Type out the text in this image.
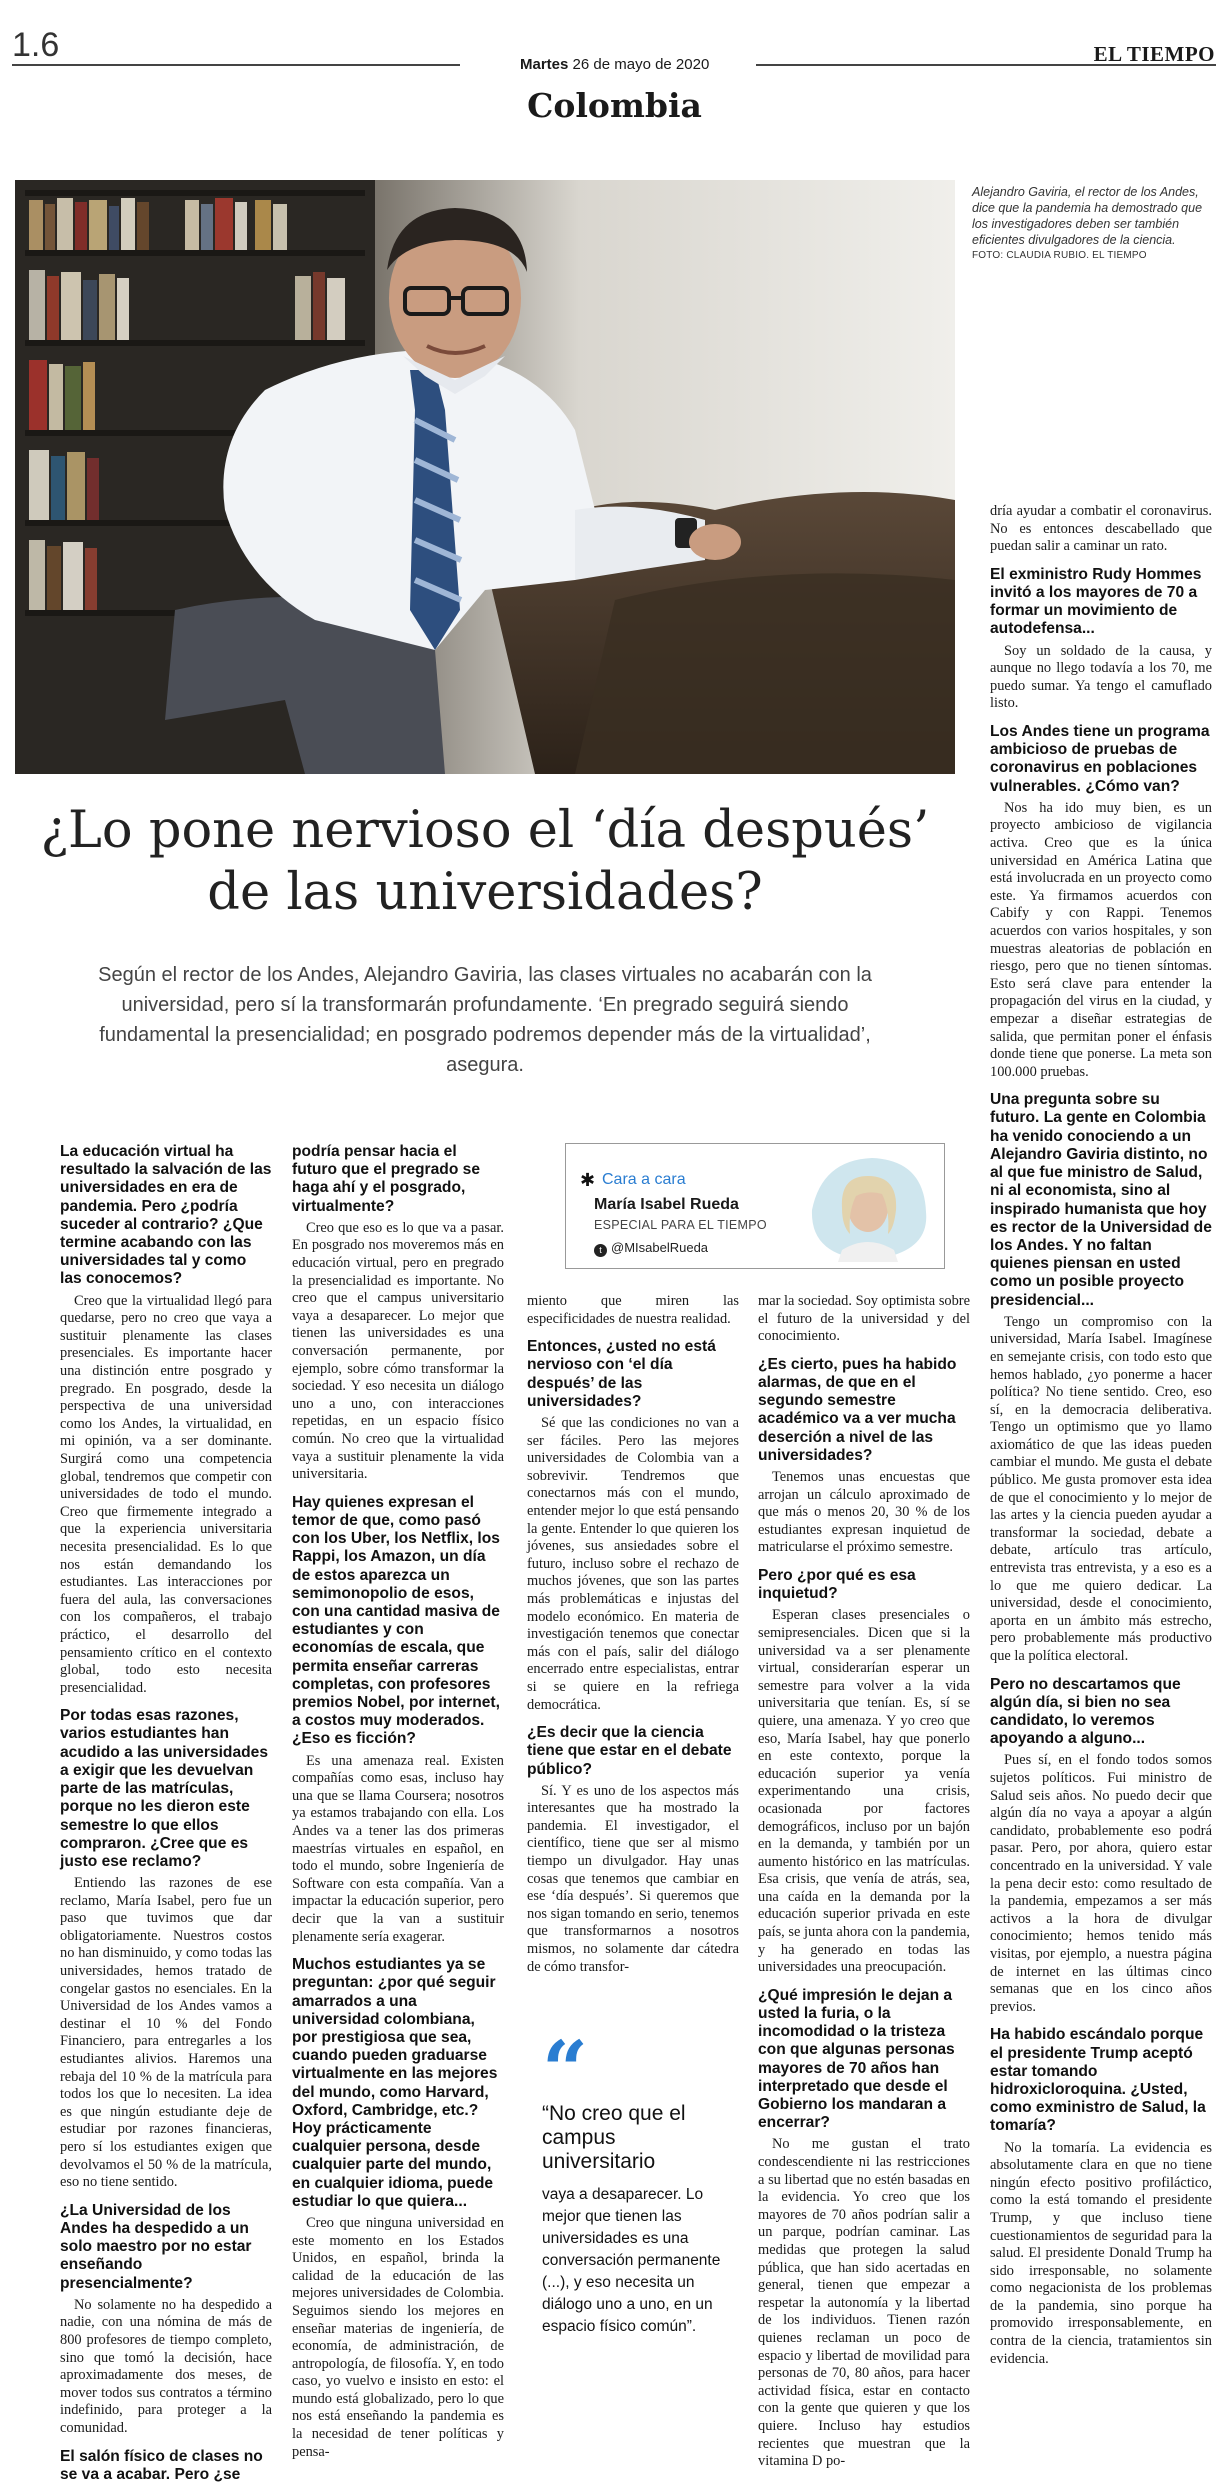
1.6
Martes 26 de mayo de 2020	EL TIEMPO
Colombia
Alejandro Gaviria, el rector de los Andes, dice que la pandemia ha demostrado que los investigadores deben ser también eficientes divulgadores de la ciencia.
FOTO: CLAUDIA RUBIO. EL TIEMPO
¿Lo pone nervioso el ‘día después’ de las universidades?
Según el rector de los Andes, Alejandro Gaviria, las clases virtuales no acabarán con la universidad, pero sí la transformarán profundamente. ‘En pregrado seguirá siendo fundamental la presencialidad; en posgrado podremos depender más de la virtualidad’, asegura.

La educación virtual ha resultado la salvación de las universidades en era de pandemia. Pero ¿podría suceder al contrario? ¿Que termine acabando con las universidades tal y como las conocemos?

Creo que la virtualidad llegó para quedarse, pero no creo que vaya a sustituir plenamente las clases presenciales. Es importante hacer una distinción entre posgrado y pregrado. En posgrado, desde la perspectiva de una universidad como los Andes, la virtualidad, en mi opinión, va a ser dominante. Surgirá como una competencia global, tendremos que competir con universidades de todo el mundo. Creo que firmemente integrado a que la experiencia universitaria necesita presencialidad. Es lo que nos están demandando los estudiantes. Las interacciones por fuera del aula, las conversaciones con los compañeros, el trabajo práctico, el desarrollo del pensamiento crítico en el contexto global, todo esto necesita presencialidad.

Por todas esas razones, varios estudiantes han acudido a las universidades a exigir que les devuelvan parte de las matrículas, porque no les dieron este semestre lo que ellos compraron. ¿Cree que es justo ese reclamo?

Entiendo las razones de ese reclamo, María Isabel, pero fue un paso que tuvimos que dar obligatoriamente. Nuestros costos no han disminuido, y como todas las universidades, hemos tratado de congelar gastos no esenciales. En la Universidad de los Andes vamos a destinar el 10 % del Fondo Financiero, para entregarles a los estudiantes alivios. Haremos una rebaja del 10 % de la matrícula para todos los que lo necesiten. La idea es que ningún estudiante deje de estudiar por razones financieras, pero sí los estudiantes exigen que devolvamos el 50 % de la matrícula, eso no tiene sentido.

¿La Universidad de los Andes ha despedido a un solo maestro por no estar enseñando presencialmente?

No solamente no ha despedido a nadie, con una nómina de más de 800 profesores de tiempo completo, sino que tomó la decisión, hace aproximadamente dos meses, de mover todos sus contratos a término indefinido, para proteger a la comunidad.

El salón físico de clases no se va a acabar. Pero ¿se

podría pensar hacia el futuro que el pregrado se haga ahí y el posgrado, virtualmente?

Creo que eso es lo que va a pasar. En posgrado nos moveremos más en educación virtual, pero en pregrado la presencialidad es importante. No creo que el campus universitario vaya a desaparecer. Lo mejor que tienen las universidades es una conversación permanente, por ejemplo, sobre cómo transformar la sociedad. Y eso necesita un diálogo uno a uno, con interacciones repetidas, en un espacio físico común. No creo que la virtualidad vaya a sustituir plenamente la vida universitaria.

Hay quienes expresan el temor de que, como pasó con los Uber, los Netflix, los Rappi, los Amazon, un día de estos aparezca un semimonopolio de esos, con una cantidad masiva de estudiantes y con economías de escala, que permita enseñar carreras completas, con profesores premios Nobel, por internet, a costos muy moderados. ¿Eso es ficción?

Es una amenaza real. Existen compañías como esas, incluso hay una que se llama Coursera; nosotros ya estamos trabajando con ella. Los Andes va a tener las dos primeras maestrías virtuales en español, en todo el mundo, sobre Ingeniería de Software con esta compañía. Van a impactar la educación superior, pero decir que la van a sustituir plenamente sería exagerar.

Muchos estudiantes ya se preguntan: ¿por qué seguir amarrados a una universidad colombiana, por prestigiosa que sea, cuando pueden graduarse virtualmente en las mejores del mundo, como Harvard, Oxford, Cambridge, etc.? Hoy prácticamente cualquier persona, desde cualquier parte del mundo, en cualquier idioma, puede estudiar lo que quiera...

Creo que ninguna universidad en este momento en los Estados Unidos, en español, brinda la calidad de la educación de las mejores universidades de Colombia. Seguimos siendo los mejores en enseñar materias de ingeniería, de economía, de administración, de antropología, de filosofía. Y, en todo caso, yo vuelvo e insisto en esto: el mundo está globalizado, pero lo que nos está enseñando la pandemia es la necesidad de tener políticas y pensa-

✱ Cara a cara
María Isabel Rueda
ESPECIAL PARA EL TIEMPO
t @MIsabelRueda

miento que miren las especificidades de nuestra realidad.

Entonces, ¿usted no está nervioso con ‘el día después’ de las universidades?

Sé que las condiciones no van a ser fáciles. Pero las mejores universidades de Colombia van a sobrevivir. Tendremos que conectarnos más con el mundo, entender mejor lo que está pensando la gente. Entender lo que quieren los jóvenes, sus ansiedades sobre el futuro, incluso sobre el rechazo de muchos jóvenes, que son las partes más problemáticas e injustas del modelo económico. En materia de investigación tenemos que conectar más con el país, salir del diálogo encerrado entre especialistas, entrar si se quiere en la refriega democrática.

¿Es decir que la ciencia tiene que estar en el debate público?

Sí. Y es uno de los aspectos más interesantes que ha mostrado la pandemia. El investigador, el científico, tiene que ser al mismo tiempo un divulgador. Hay unas cosas que tenemos que cambiar en ese ‘día después’. Si queremos que nos sigan tomando en serio, tenemos que transformarnos a nosotros mismos, no solamente dar cátedra de cómo transfor-

“
“No creo que el campus universitario
vaya a desaparecer. Lo mejor que tienen las universidades es una conversación permanente (...), y eso necesita un diálogo uno a uno, en un espacio físico común”.

mar la sociedad. Soy optimista sobre el futuro de la universidad y del conocimiento.

¿Es cierto, pues ha habido alarmas, de que en el segundo semestre académico va a ver mucha deserción a nivel de las universidades?

Tenemos unas encuestas que arrojan un cálculo aproximado de que más o menos 20, 30 % de los estudiantes expresan inquietud de matricularse el próximo semestre.

Pero ¿por qué es esa inquietud?

Esperan clases presenciales o semipresenciales. Dicen que si la universidad va a ser plenamente virtual, considerarían esperar un semestre para volver a la vida universitaria que tenían. Es, sí se quiere, una amenaza. Y yo creo que eso, María Isabel, hay que ponerlo en este contexto, porque la educación superior ya venía experimentando una crisis, ocasionada por factores demográficos, incluso por un bajón en la demanda, y también por un aumento histórico en las matrículas. Esa crisis, que venía de atrás, sea, una caída en la demanda por la educación superior privada en este país, se junta ahora con la pandemia, y ha generado en todas las universidades una preocupación.

¿Qué impresión le dejan a usted la furia, o la incomodidad o la tristeza con que algunas personas mayores de 70 años han interpretado que desde el Gobierno los mandaran a encerrar?

No me gustan el trato condescendiente ni las restricciones a su libertad que no estén basadas en la evidencia. Yo creo que los mayores de 70 años podrían salir a un parque, podrían caminar. Las medidas que protegen la salud pública, que han sido acertadas en general, tienen que empezar a respetar la autonomía y la libertad de los individuos. Tienen razón quienes reclaman un poco de espacio y libertad de movilidad para personas de 70, 80 años, para hacer actividad física, estar en contacto con la gente que quieren y que los quiere. Incluso hay estudios recientes que muestran que la vitamina D po-

dría ayudar a combatir el coronavirus. No es entonces descabellado que puedan salir a caminar un rato.

El exministro Rudy Hommes invitó a los mayores de 70 a formar un movimiento de autodefensa...

Soy un soldado de la causa, y aunque no llego todavía a los 70, me puedo sumar. Ya tengo el camuflado listo.

Los Andes tiene un programa ambicioso de pruebas de coronavirus en poblaciones vulnerables. ¿Cómo van?

Nos ha ido muy bien, es un proyecto ambicioso de vigilancia activa. Creo que es la única universidad en América Latina que está involucrada en un proyecto como este. Ya firmamos acuerdos con Cabify y con Rappi. Tenemos acuerdos con varios hospitales, y son muestras aleatorias de población en riesgo, pero que no tienen síntomas. Esto será clave para entender la propagación del virus en la ciudad, y empezar a diseñar estrategias de salida, que permitan poner el énfasis donde tiene que ponerse. La meta son 100.000 pruebas.

Una pregunta sobre su futuro. La gente en Colombia ha venido conociendo a un Alejandro Gaviria distinto, no al que fue ministro de Salud, ni al economista, sino al inspirado humanista que hoy es rector de la Universidad de los Andes. Y no faltan quienes piensan en usted como un posible proyecto presidencial...

Tengo un compromiso con la universidad, María Isabel. Imagínese en semejante crisis, con todo esto que hemos hablado, ¿yo ponerme a hacer política? No tiene sentido. Creo, eso sí, en la democracia deliberativa. Tengo un optimismo que yo llamo axiomático de que las ideas pueden cambiar el mundo. Me gusta el debate público. Me gusta promover esta idea de que el conocimiento y lo mejor de las artes y la ciencia pueden ayudar a transformar la sociedad, debate a debate, artículo tras artículo, entrevista tras entrevista, y a eso es a lo que me quiero dedicar. La universidad, desde el conocimiento, aporta en un ámbito más estrecho, pero probablemente más productivo que la política electoral.

Pero no descartamos que algún día, si bien no sea candidato, lo veremos apoyando a alguno...

Pues sí, en el fondo todos somos sujetos políticos. Fui ministro de Salud seis años. No puedo decir que algún día no vaya a apoyar a algún candidato, probablemente eso podrá pasar. Pero, por ahora, quiero estar concentrado en la universidad. Y vale la pena decir esto: como resultado de la pandemia, empezamos a ser más activos a la hora de divulgar conocimiento; hemos tenido más visitas, por ejemplo, a nuestra página de internet en las últimas cinco semanas que en los cinco años previos.

Ha habido escándalo porque el presidente Trump aceptó estar tomando hidroxicloroquina. ¿Usted, como exministro de Salud, la tomaría?

No la tomaría. La evidencia es absolutamente clara en que no tiene ningún efecto positivo profiláctico, como la está tomando el presidente Trump, y que incluso tiene cuestionamientos de seguridad para la salud. El presidente Donald Trump ha sido irresponsable, no solamente como negacionista de los problemas de la pandemia, sino porque ha promovido irresponsablemente, en contra de la ciencia, tratamientos sin evidencia.
